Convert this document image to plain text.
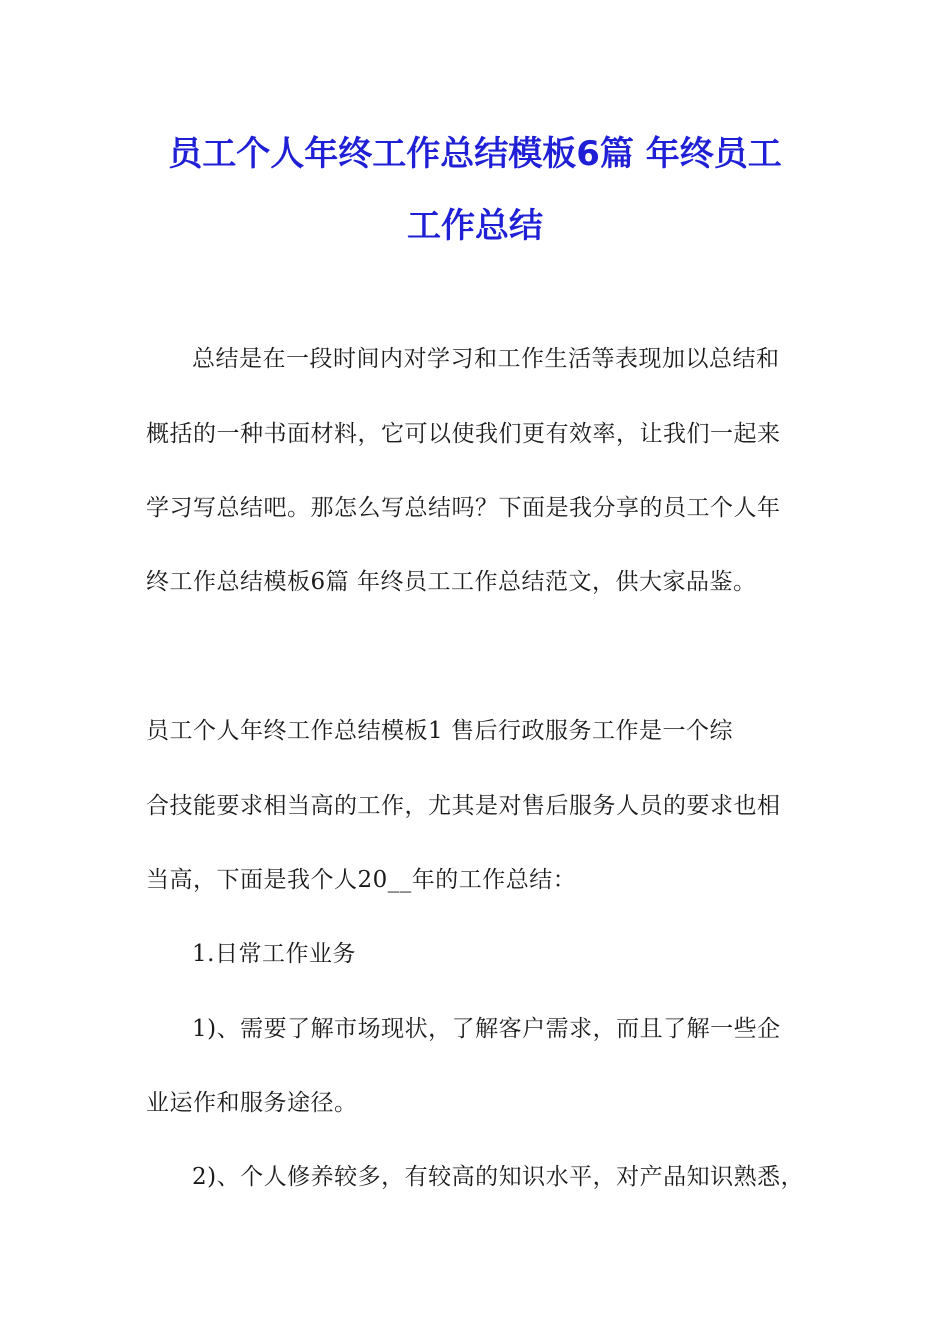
员工个人年终工作总结模板6篇 年终员工
工作总结
总结是在一段时间内对学习和工作生活等表现加以总结和
概括的一种书面材料，它可以使我们更有效率，让我们一起来
学习写总结吧。那怎么写总结吗？下面是我分享的员工个人年
终工作总结模板6篇 年终员工工作总结范文，供大家品鉴。
员工个人年终工作总结模板1 售后行政服务工作是一个综
合技能要求相当高的工作，尤其是对售后服务人员的要求也相
当高，下面是我个人20__年的工作总结：
1.日常工作业务
1)、需要了解市场现状，了解客户需求，而且了解一些企
业运作和服务途径。
2)、个人修养较多，有较高的知识水平，对产品知识熟悉，
